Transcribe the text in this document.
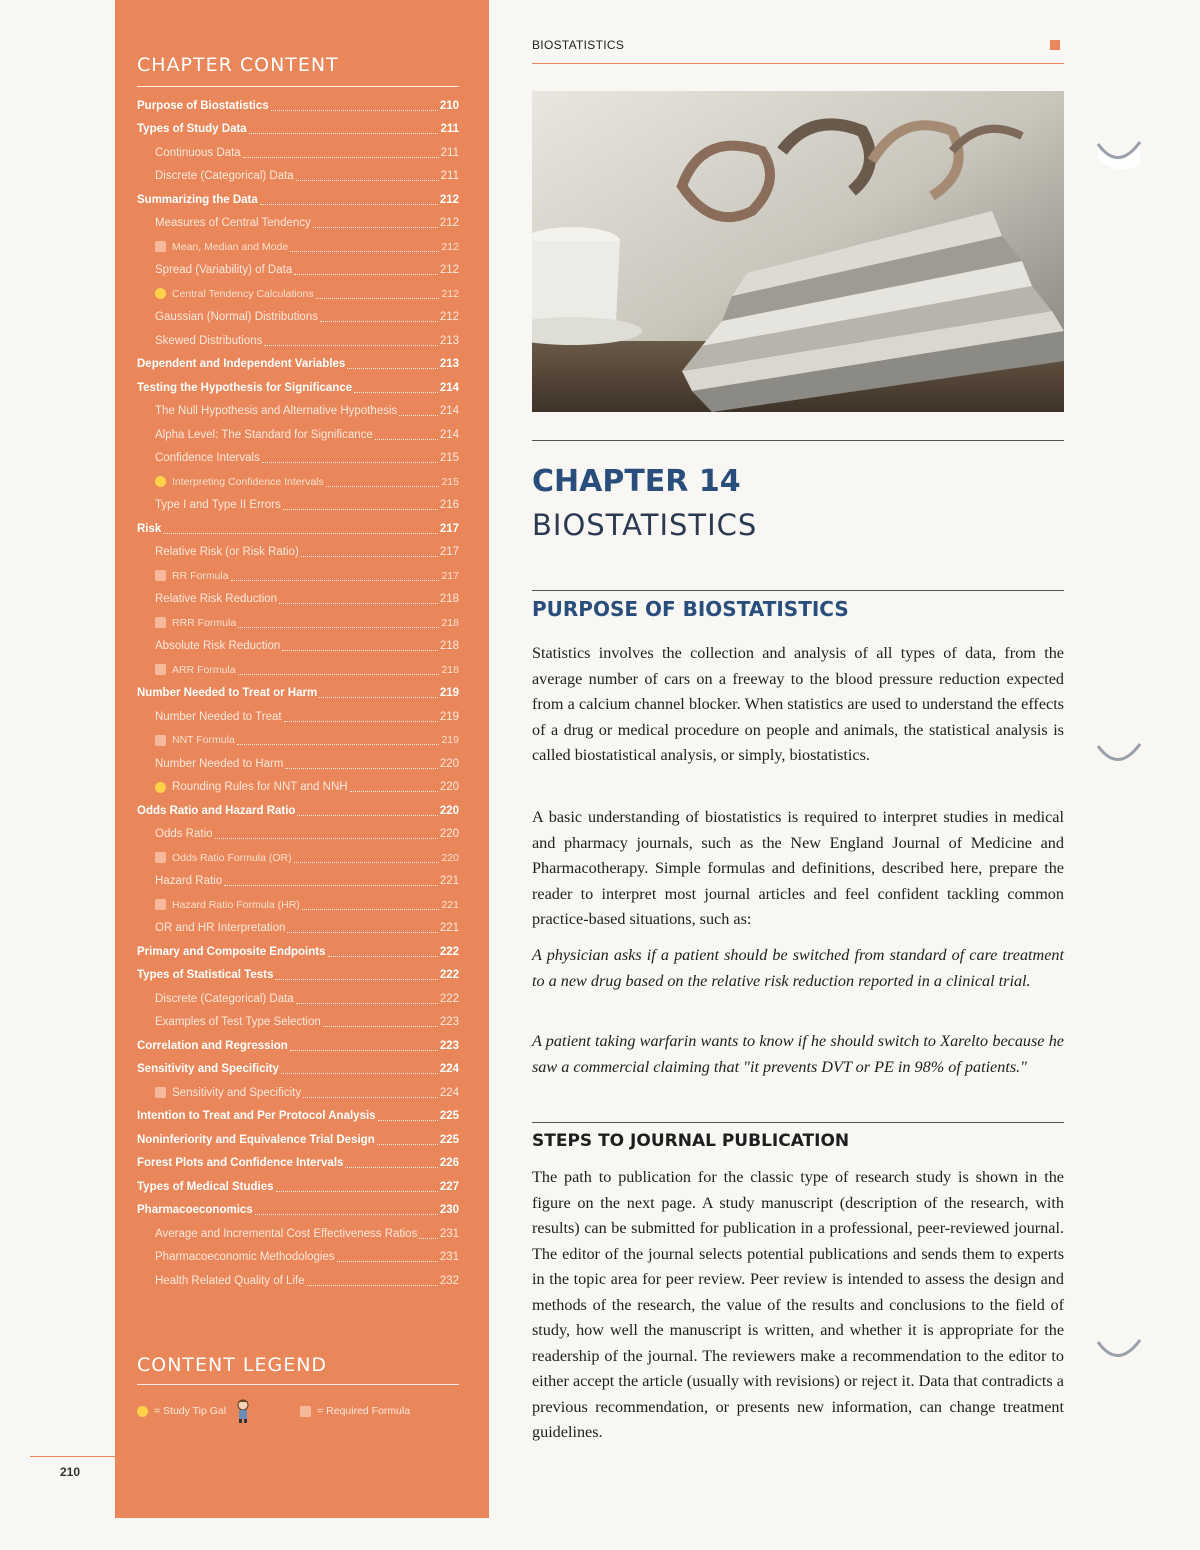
CHAPTER CONTENT
Purpose of Biostatistics	210
Types of Study Data	211
Continuous Data	211
Discrete (Categorical) Data	211
Summarizing the Data	212
Measures of Central Tendency	212
Mean, Median and Mode	212
Spread (Variability) of Data	212
Central Tendency Calculations	212
Gaussian (Normal) Distributions	212
Skewed Distributions	213
Dependent and Independent Variables	213
Testing the Hypothesis for Significance	214
The Null Hypothesis and Alternative Hypothesis	214
Alpha Level: The Standard for Significance	214
Confidence Intervals	215
Interpreting Confidence Intervals	215
Type I and Type II Errors	216
Risk	217
Relative Risk (or Risk Ratio)	217
RR Formula	217
Relative Risk Reduction	218
RRR Formula	218
Absolute Risk Reduction	218
ARR Formula	218
Number Needed to Treat or Harm	219
Number Needed to Treat	219
NNT Formula	219
Number Needed to Harm	220
Rounding Rules for NNT and NNH	220
Odds Ratio and Hazard Ratio	220
Odds Ratio	220
Odds Ratio Formula (OR)	220
Hazard Ratio	221
Hazard Ratio Formula (HR)	221
OR and HR Interpretation	221
Primary and Composite Endpoints	222
Types of Statistical Tests	222
Discrete (Categorical) Data	222
Examples of Test Type Selection	223
Correlation and Regression	223
Sensitivity and Specificity	224
Sensitivity and Specificity	224
Intention to Treat and Per Protocol Analysis	225
Noninferiority and Equivalence Trial Design	225
Forest Plots and Confidence Intervals	226
Types of Medical Studies	227
Pharmacoeconomics	230
Average and Incremental Cost Effectiveness Ratios 231
Pharmacoeconomic Methodologies	231
Health Related Quality of Life	232
CONTENT LEGEND
= Study Tip Gal	= Required Formula
210
BIOSTATISTICS
CHAPTER 14
BIOSTATISTICS
PURPOSE OF BIOSTATISTICS

Statistics involves the collection and analysis of all types of data, from the average number of cars on a freeway to the blood pressure reduction expected from a calcium channel blocker. When statistics are used to understand the effects of a drug or medical procedure on people and animals, the statistical analysis is called biostatistical analysis, or simply, biostatistics.

A basic understanding of biostatistics is required to interpret studies in medical and pharmacy journals, such as the New England Journal of Medicine and Pharmacotherapy. Simple formulas and definitions, described here, prepare the reader to interpret most journal articles and feel confident tackling common practice-based situations, such as:

A physician asks if a patient should be switched from standard of care treatment to a new drug based on the relative risk reduction reported in a clinical trial.

A patient taking warfarin wants to know if he should switch to Xarelto because he saw a commercial claiming that "it prevents DVT or PE in 98% of patients."

STEPS TO JOURNAL PUBLICATION

The path to publication for the classic type of research study is shown in the figure on the next page. A study manuscript (description of the research, with results) can be submitted for publication in a professional, peer-reviewed journal. The editor of the journal selects potential publications and sends them to experts in the topic area for peer review. Peer review is intended to assess the design and methods of the research, the value of the results and conclusions to the field of study, how well the manuscript is written, and whether it is appropriate for the readership of the journal. The reviewers make a recommendation to the editor to either accept the article (usually with revisions) or reject it. Data that contradicts a previous recommendation, or presents new information, can change treatment guidelines.
